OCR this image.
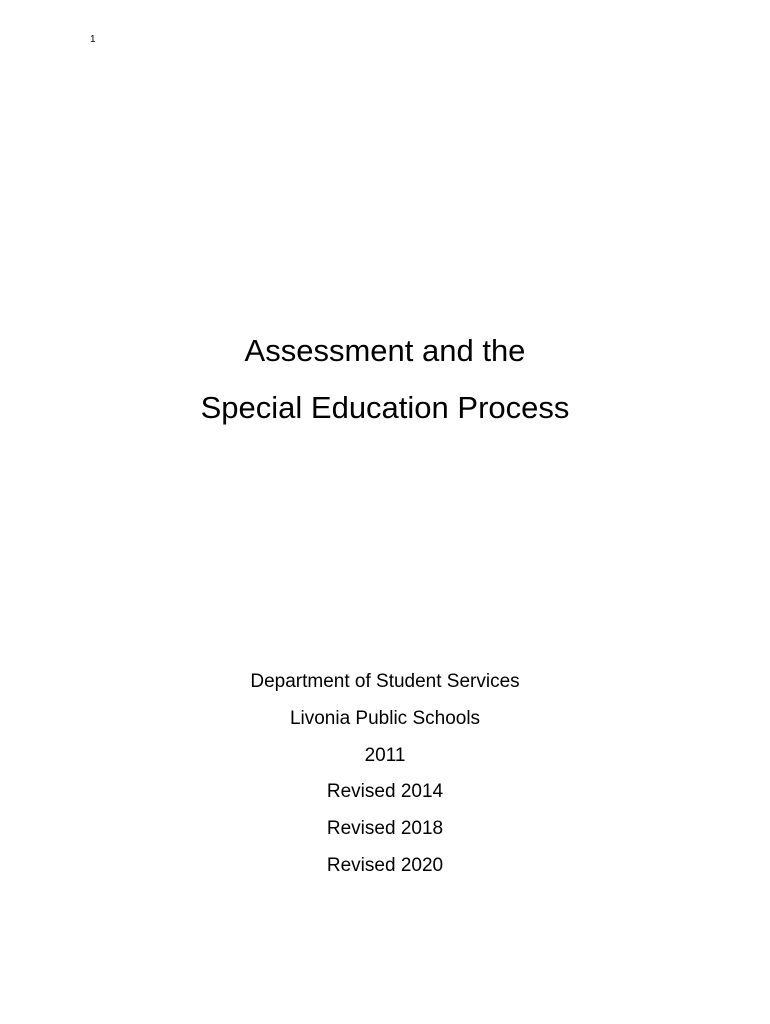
1
Assessment and the
Special Education Process
Department of Student Services
Livonia Public Schools
2011
Revised 2014
Revised 2018
Revised 2020
